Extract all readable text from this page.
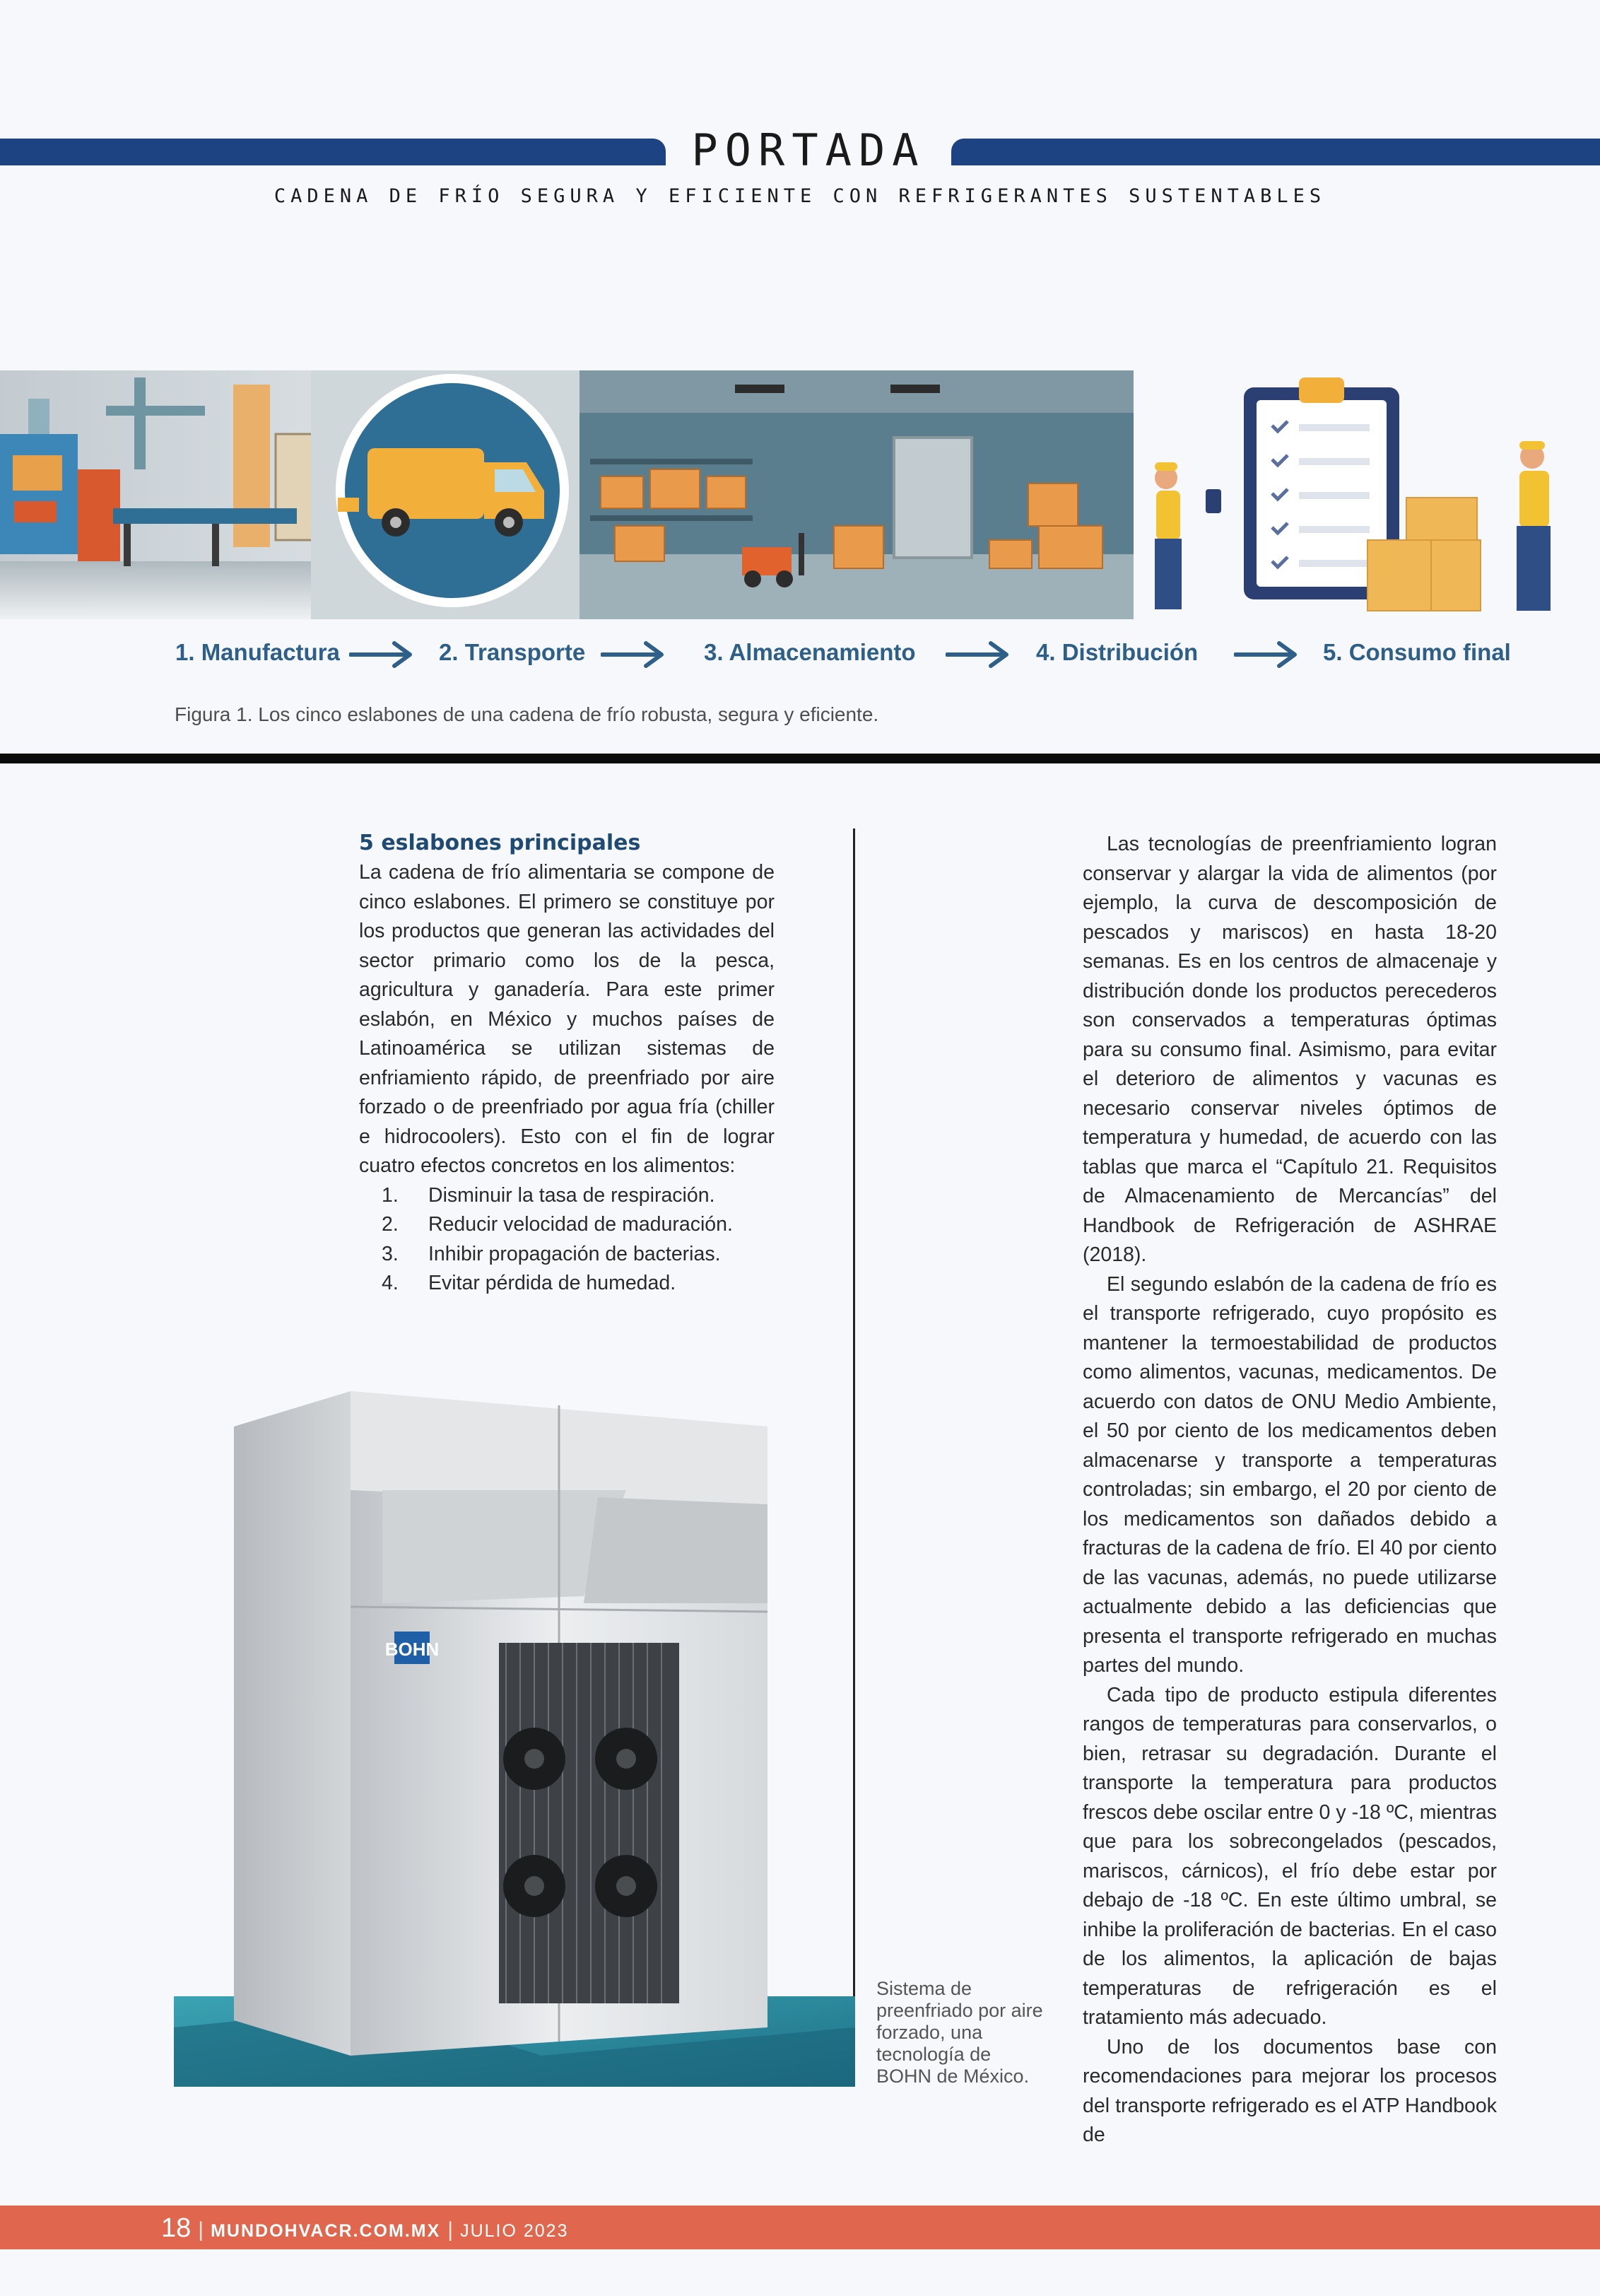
PORTADA
CADENA DE FRÍO SEGURA Y EFICIENTE CON REFRIGERANTES SUSTENTABLES
1. Manufactura	2. Transporte	3. Almacenamiento	4. Distribución	5. Consumo final
Figura 1. Los cinco eslabones de una cadena de frío robusta, segura y eficiente.
5 eslabones principales

La cadena de frío alimentaria se compone de cinco eslabones. El primero se constituye por los productos que generan las actividades del sector primario como los de la pesca, agricultura y ganadería. Para este primer eslabón, en México y muchos países de Latinoamérica se utilizan sistemas de enfriamiento rápido, de preenfriado por aire forzado o de preenfriado por agua fría (chiller e hidrocoolers). Esto con el fin de lograr cuatro efectos concretos en los alimentos:

1.	Disminuir la tasa de respiración.
2.	Reducir velocidad de maduración.
3.	Inhibir propagación de bacterias.
4.	Evitar pérdida de humedad.
BOHN
Sistema de preenfriado por aire forzado, una tecnología de BOHN de México.

Las tecnologías de preenfriamiento logran conservar y alargar la vida de alimentos (por ejemplo, la curva de descomposición de pescados y mariscos) en hasta 18-20 semanas. Es en los centros de almacenaje y distribución donde los productos perecederos son conservados a temperaturas óptimas para su consumo final. Asimismo, para evitar el deterioro de alimentos y vacunas es necesario conservar niveles óptimos de temperatura y humedad, de acuerdo con las tablas que marca el “Capítulo 21. Requisitos de Almacenamiento de Mercancías” del Handbook de Refrigeración de ASHRAE (2018).

El segundo eslabón de la cadena de frío es el transporte refrigerado, cuyo propósito es mantener la termoestabilidad de productos como alimentos, vacunas, medicamentos. De acuerdo con datos de ONU Medio Ambiente, el 50 por ciento de los medicamentos deben almacenarse y transporte a temperaturas controladas; sin embargo, el 20 por ciento de los medicamentos son dañados debido a fracturas de la cadena de frío. El 40 por ciento de las vacunas, además, no puede utilizarse actualmente debido a las deficiencias que presenta el transporte refrigerado en muchas partes del mundo.

Cada tipo de producto estipula diferentes rangos de temperaturas para conservarlos, o bien, retrasar su degradación. Durante el transporte la temperatura para productos frescos debe oscilar entre 0 y -18 ºC, mientras que para los sobrecongelados (pescados, mariscos, cárnicos), el frío debe estar por debajo de -18 ºC. En este último umbral, se inhibe la proliferación de bacterias. En el caso de los alimentos, la aplicación de bajas temperaturas de refrigeración es el tratamiento más adecuado.

Uno de los documentos base con recomendaciones para mejorar los procesos del transporte refrigerado es el ATP Handbook de

18 | MUNDOHVACR.COM.MX | JULIO 2023
